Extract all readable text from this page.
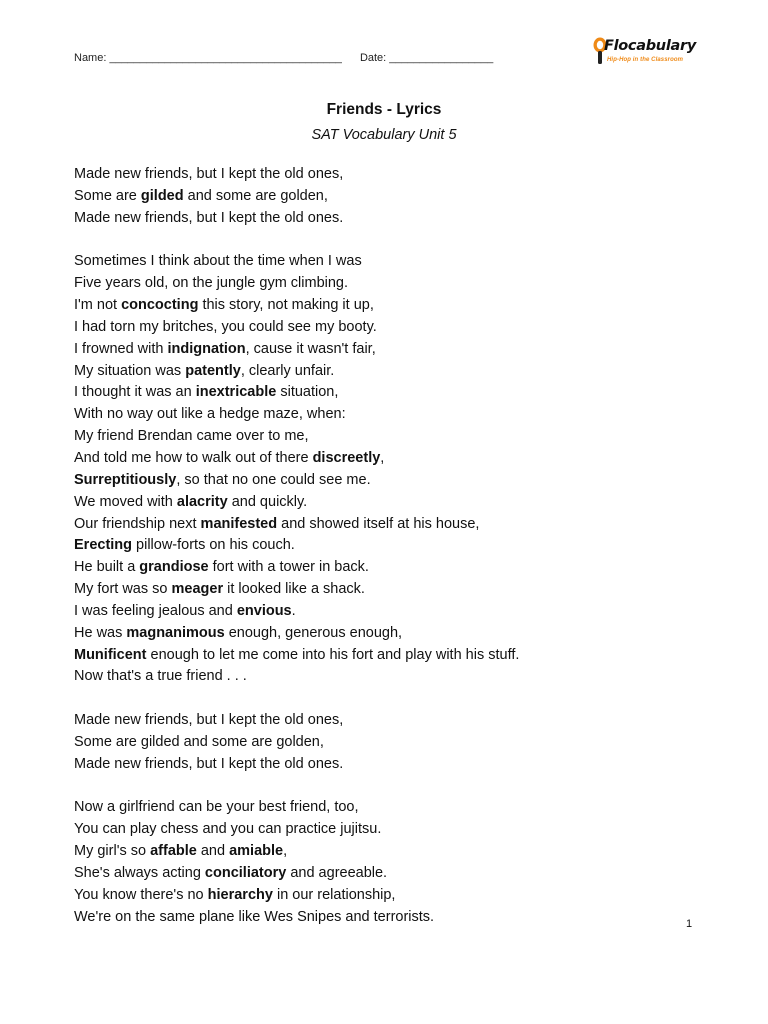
Name: ______________________________________ Date: _________________
Flocabulary
Hip-Hop in the Classroom
Friends - Lyrics
SAT Vocabulary Unit 5
Made new friends, but I kept the old ones,
Some are gilded and some are golden,
Made new friends, but I kept the old ones.
Sometimes I think about the time when I was
Five years old, on the jungle gym climbing.
I'm not concocting this story, not making it up,
I had torn my britches, you could see my booty.
I frowned with indignation, cause it wasn't fair,
My situation was patently, clearly unfair.
I thought it was an inextricable situation,
With no way out like a hedge maze, when:
My friend Brendan came over to me,
And told me how to walk out of there discreetly,
Surreptitiously, so that no one could see me.
We moved with alacrity and quickly.
Our friendship next manifested and showed itself at his house,
Erecting pillow-forts on his couch.
He built a grandiose fort with a tower in back.
My fort was so meager it looked like a shack.
I was feeling jealous and envious.
He was magnanimous enough, generous enough,
Munificent enough to let me come into his fort and play with his stuff.
Now that's a true friend . . .
Made new friends, but I kept the old ones,
Some are gilded and some are golden,
Made new friends, but I kept the old ones.
Now a girlfriend can be your best friend, too,
You can play chess and you can practice jujitsu.
My girl's so affable and amiable,
She's always acting conciliatory and agreeable.
You know there's no hierarchy in our relationship,
We're on the same plane like Wes Snipes and terrorists.	1
